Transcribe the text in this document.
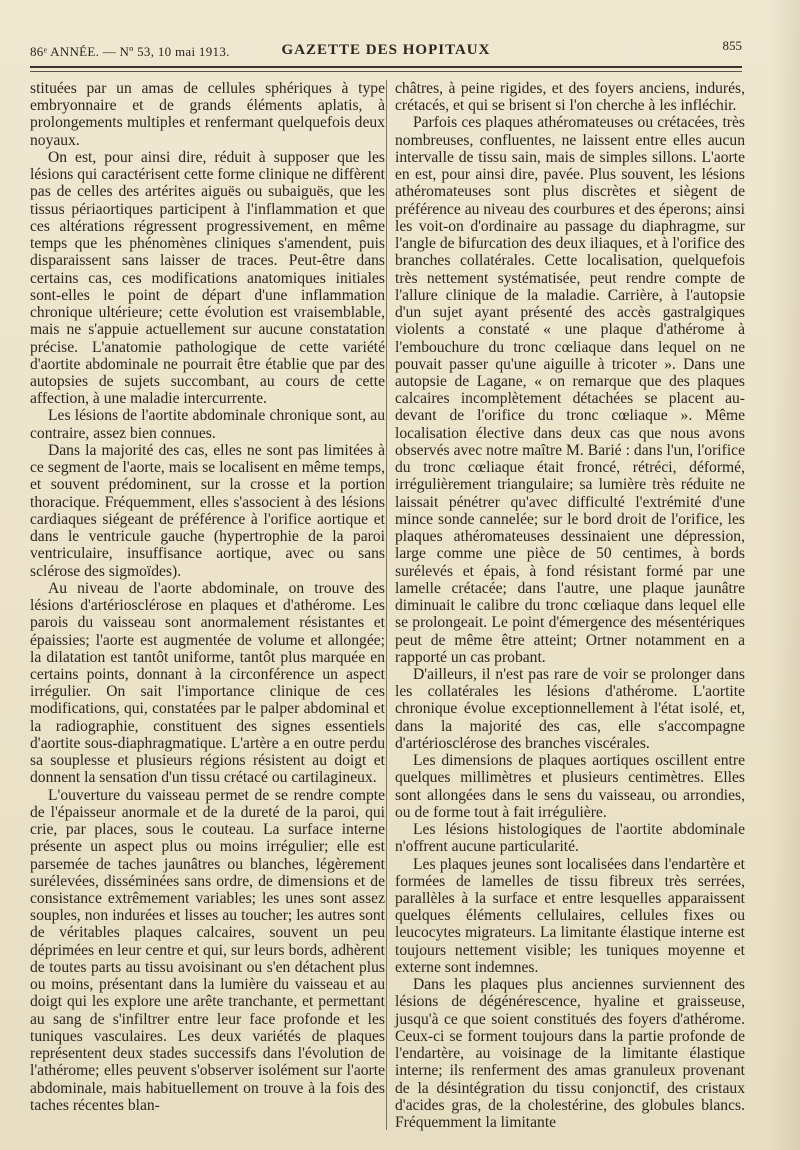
86ᵉ ANNÉE. — Nº 53, 10 mai 1913.	GAZETTE DES HOPITAUX	855

stituées par un amas de cellules sphériques à type embryonnaire et de grands éléments aplatis, à prolongements multiples et renfermant quelquefois deux noyaux.

On est, pour ainsi dire, réduit à supposer que les lésions qui caractérisent cette forme clinique ne diffèrent pas de celles des artérites aiguës ou subaiguës, que les tissus périaortiques participent à l'inflammation et que ces altérations régressent progressivement, en même temps que les phénomènes cliniques s'amendent, puis disparaissent sans laisser de traces. Peut-être dans certains cas, ces modifications anatomiques initiales sont-elles le point de départ d'une inflammation chronique ultérieure; cette évolution est vraisemblable, mais ne s'appuie actuellement sur aucune constatation précise. L'anatomie pathologique de cette variété d'aortite abdominale ne pourrait être établie que par des autopsies de sujets succombant, au cours de cette affection, à une maladie intercurrente.

Les lésions de l'aortite abdominale chronique sont, au contraire, assez bien connues.

Dans la majorité des cas, elles ne sont pas limitées à ce segment de l'aorte, mais se localisent en même temps, et souvent prédominent, sur la crosse et la portion thoracique. Fréquemment, elles s'associent à des lésions cardiaques siégeant de préférence à l'orifice aortique et dans le ventricule gauche (hypertrophie de la paroi ventriculaire, insuffisance aortique, avec ou sans sclérose des sigmoïdes).

Au niveau de l'aorte abdominale, on trouve des lésions d'artériosclérose en plaques et d'athérome. Les parois du vaisseau sont anormalement résistantes et épaissies; l'aorte est augmentée de volume et allongée; la dilatation est tantôt uniforme, tantôt plus marquée en certains points, donnant à la circonférence un aspect irrégulier. On sait l'importance clinique de ces modifications, qui, constatées par le palper abdominal et la radiographie, constituent des signes essentiels d'aortite sous-diaphragmatique. L'artère a en outre perdu sa souplesse et plusieurs régions résistent au doigt et donnent la sensation d'un tissu crétacé ou cartilagineux.

L'ouverture du vaisseau permet de se rendre compte de l'épaisseur anormale et de la dureté de la paroi, qui crie, par places, sous le couteau. La surface interne présente un aspect plus ou moins irrégulier; elle est parsemée de taches jaunâtres ou blanches, légèrement surélevées, disséminées sans ordre, de dimensions et de consistance extrêmement variables; les unes sont assez souples, non indurées et lisses au toucher; les autres sont de véritables plaques calcaires, souvent un peu déprimées en leur centre et qui, sur leurs bords, adhèrent de toutes parts au tissu avoisinant ou s'en détachent plus ou moins, présentant dans la lumière du vaisseau et au doigt qui les explore une arête tranchante, et permettant au sang de s'infiltrer entre leur face profonde et les tuniques vasculaires. Les deux variétés de plaques représentent deux stades successifs dans l'évolution de l'athérome; elles peuvent s'observer isolément sur l'aorte abdominale, mais habituellement on trouve à la fois des taches récentes blan-

châtres, à peine rigides, et des foyers anciens, indurés, crétacés, et qui se brisent si l'on cherche à les infléchir.

Parfois ces plaques athéromateuses ou crétacées, très nombreuses, confluentes, ne laissent entre elles aucun intervalle de tissu sain, mais de simples sillons. L'aorte en est, pour ainsi dire, pavée. Plus souvent, les lésions athéromateuses sont plus discrètes et siègent de préférence au niveau des courbures et des éperons; ainsi les voit-on d'ordinaire au passage du diaphragme, sur l'angle de bifurcation des deux iliaques, et à l'orifice des branches collatérales. Cette localisation, quelquefois très nettement systématisée, peut rendre compte de l'allure clinique de la maladie. Carrière, à l'autopsie d'un sujet ayant présenté des accès gastralgiques violents a constaté « une plaque d'athérome à l'embouchure du tronc cœliaque dans lequel on ne pouvait passer qu'une aiguille à tricoter ». Dans une autopsie de Lagane, « on remarque que des plaques calcaires incomplètement détachées se placent au-devant de l'orifice du tronc cœliaque ». Même localisation élective dans deux cas que nous avons observés avec notre maître M. Barié : dans l'un, l'orifice du tronc cœliaque était froncé, rétréci, déformé, irrégulièrement triangulaire; sa lumière très réduite ne laissait pénétrer qu'avec difficulté l'extrémité d'une mince sonde cannelée; sur le bord droit de l'orifice, les plaques athéromateuses dessinaient une dépression, large comme une pièce de 50 centimes, à bords surélevés et épais, à fond résistant formé par une lamelle crétacée; dans l'autre, une plaque jaunâtre diminuait le calibre du tronc cœliaque dans lequel elle se prolongeait. Le point d'émergence des mésentériques peut de même être atteint; Ortner notamment en a rapporté un cas probant.

D'ailleurs, il n'est pas rare de voir se prolonger dans les collatérales les lésions d'athérome. L'aortite chronique évolue exceptionnellement à l'état isolé, et, dans la majorité des cas, elle s'accompagne d'artériosclérose des branches viscérales.

Les dimensions de plaques aortiques oscillent entre quelques millimètres et plusieurs centimètres. Elles sont allongées dans le sens du vaisseau, ou arrondies, ou de forme tout à fait irrégulière.

Les lésions histologiques de l'aortite abdominale n'offrent aucune particularité.

Les plaques jeunes sont localisées dans l'endartère et formées de lamelles de tissu fibreux très serrées, parallèles à la surface et entre lesquelles apparaissent quelques éléments cellulaires, cellules fixes ou leucocytes migrateurs. La limitante élastique interne est toujours nettement visible; les tuniques moyenne et externe sont indemnes.

Dans les plaques plus anciennes surviennent des lésions de dégénérescence, hyaline et graisseuse, jusqu'à ce que soient constitués des foyers d'athérome. Ceux-ci se forment toujours dans la partie profonde de l'endartère, au voisinage de la limitante élastique interne; ils renferment des amas granuleux provenant de la désintégration du tissu conjonctif, des cristaux d'acides gras, de la cholestérine, des globules blancs. Fréquemment la limitante
